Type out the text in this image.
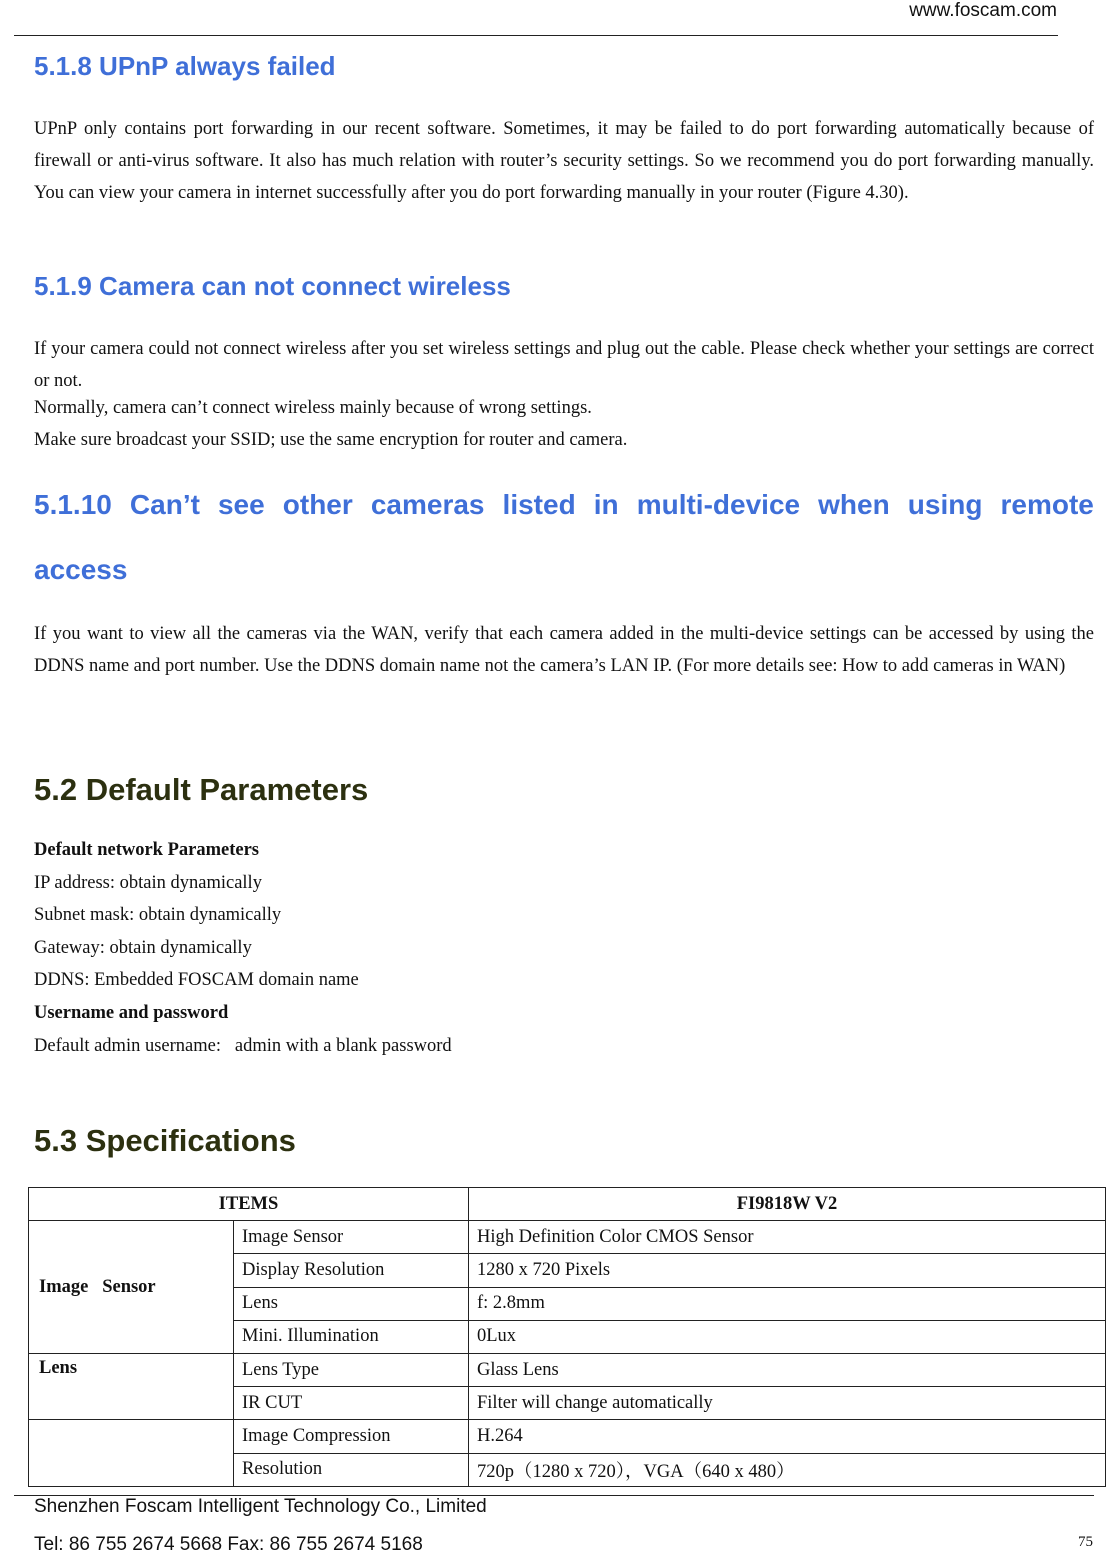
www.foscam.com
5.1.8 UPnP always failed

UPnP only contains port forwarding in our recent software. Sometimes, it may be failed to do port forwarding automatically because of firewall or anti-virus software. It also has much relation with router’s security settings. So we recommend you do port forwarding manually. You can view your camera in internet successfully after you do port forwarding manually in your router (Figure 4.30).

5.1.9 Camera can not connect wireless

If your camera could not connect wireless after you set wireless settings and plug out the cable. Please check whether your settings are correct or not.

Normally, camera can’t connect wireless mainly because of wrong settings.

Make sure broadcast your SSID; use the same encryption for router and camera.

5.1.10 Can’t see other cameras listed in multi-device when using remote
access

If you want to view all the cameras via the WAN, verify that each camera added in the multi-device settings can be accessed by using the DDNS name and port number. Use the DDNS domain name not the camera’s LAN IP. (For more details see: How to add cameras in WAN)

5.2 Default Parameters

Default network Parameters

IP address: obtain dynamically

Subnet mask: obtain dynamically

Gateway: obtain dynamically

DDNS: Embedded FOSCAM domain name

Username and password

Default admin username:   admin with a blank password

5.3 Specifications
ITEMS		FI9818W V2
Image   Sensor	Image Sensor	High Definition Color CMOS Sensor
	Display Resolution	1280 x 720 Pixels
	Lens	f: 2.8mm
	Mini. Illumination	0Lux
Lens	Lens Type	Glass Lens
	IR CUT	Filter will change automatically
	Image Compression	H.264
	Resolution	720p（1280 x 720），VGA（640 x 480）
Shenzhen Foscam Intelligent Technology Co., Limited
Tel: 86 755 2674 5668 Fax: 86 755 2674 5168	75
